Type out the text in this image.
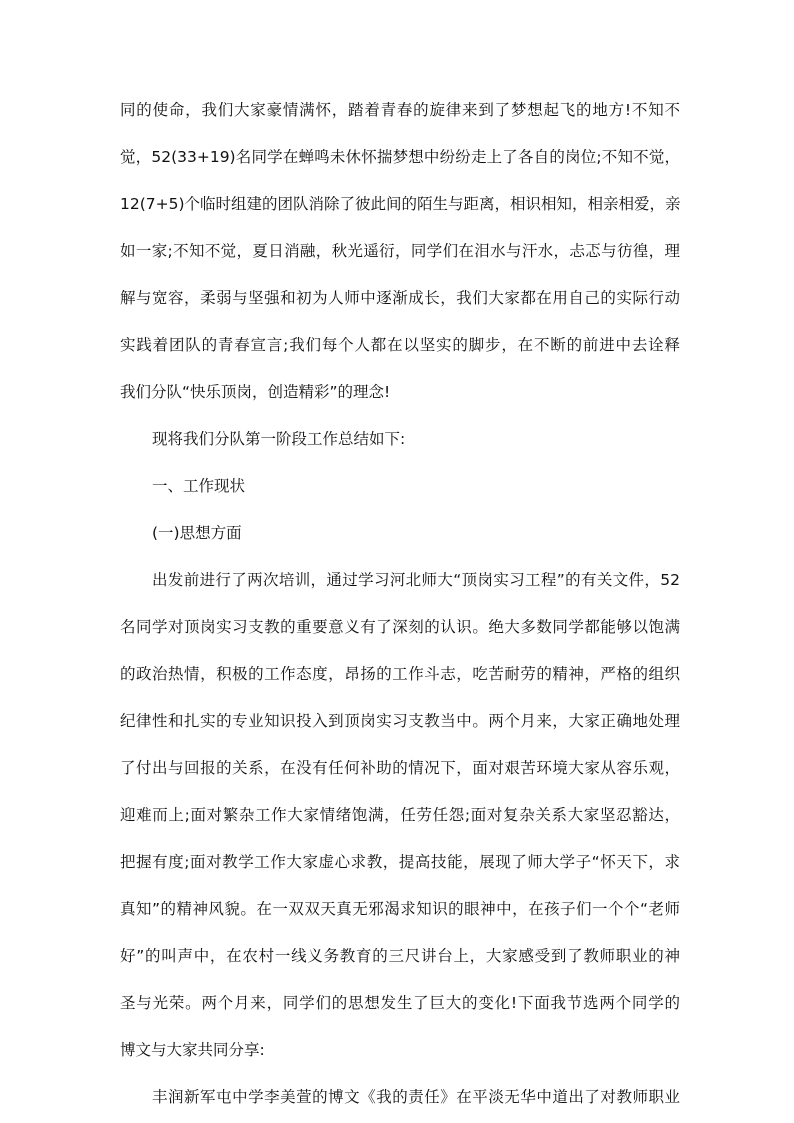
同的使命，我们大家豪情满怀，踏着青春的旋律来到了梦想起飞的地方!不知不
觉，52(33+19)名同学在蝉鸣未休怀揣梦想中纷纷走上了各自的岗位;不知不觉，
12(7+5)个临时组建的团队消除了彼此间的陌生与距离，相识相知，相亲相爱，亲
如一家;不知不觉，夏日消融，秋光遥衍，同学们在泪水与汗水，忐忑与彷徨，理
解与宽容，柔弱与坚强和初为人师中逐渐成长，我们大家都在用自己的实际行动
实践着团队的青春宣言;我们每个人都在以坚实的脚步，在不断的前进中去诠释
我们分队“快乐顶岗，创造精彩”的理念!
现将我们分队第一阶段工作总结如下:
一、工作现状
(一)思想方面
出发前进行了两次培训，通过学习河北师大“顶岗实习工程”的有关文件，52
名同学对顶岗实习支教的重要意义有了深刻的认识。绝大多数同学都能够以饱满
的政治热情，积极的工作态度，昂扬的工作斗志，吃苦耐劳的精神，严格的组织
纪律性和扎实的专业知识投入到顶岗实习支教当中。两个月来，大家正确地处理
了付出与回报的关系，在没有任何补助的情况下，面对艰苦环境大家从容乐观，
迎难而上;面对繁杂工作大家情绪饱满，任劳任怨;面对复杂关系大家坚忍豁达，
把握有度;面对教学工作大家虚心求教，提高技能，展现了师大学子“怀天下，求
真知”的精神风貌。在一双双天真无邪渴求知识的眼神中，在孩子们一个个“老师
好”的叫声中，在农村一线义务教育的三尺讲台上，大家感受到了教师职业的神
圣与光荣。两个月来，同学们的思想发生了巨大的变化!下面我节选两个同学的
博文与大家共同分享:
丰润新军屯中学李美萱的博文《我的责任》在平淡无华中道出了对教师职业
